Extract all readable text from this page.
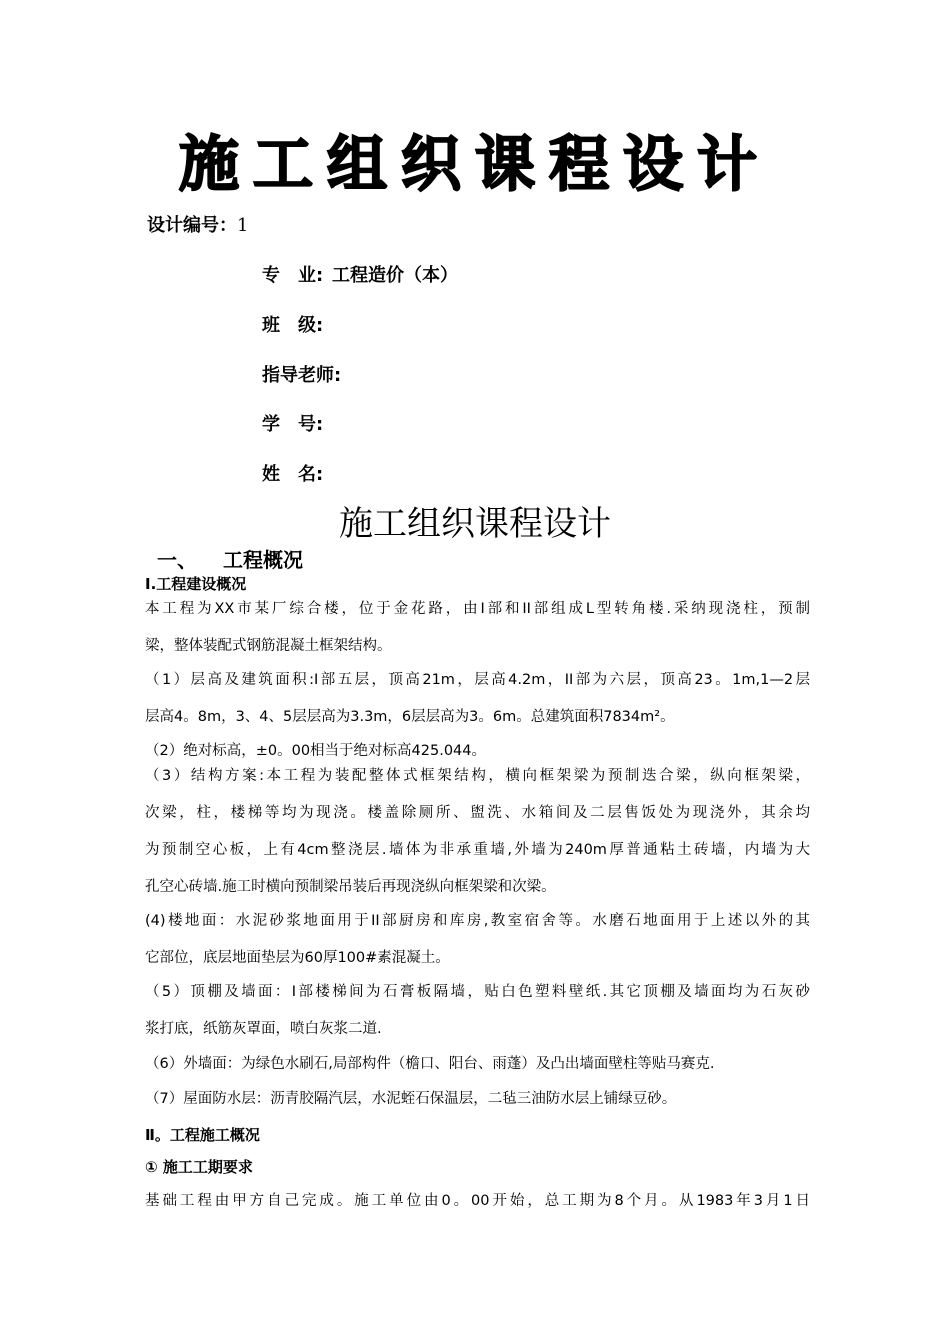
施工组织课程设计
设计编号：1
专　业: 工程造价（本）
班　级:
指导老师:
学　号:
姓　名:
施工组织课程设计
一、 工程概况
Ⅰ.工程建设概况
本工程为XX市某厂综合楼，位于金花路，由I部和II部组成L型转角楼.采纳现浇柱，预制
梁，整体装配式钢筋混凝土框架结构。
（1）层高及建筑面积:I部五层，顶高21m，层高4.2m，II部为六层，顶高23。1m,1—2层
层高4。8m，3、4、5层层高为3.3m，6层层高为3。6m。总建筑面积7834m²。
（2）绝对标高，±0。00相当于绝对标高425.044。
（3）结构方案:本工程为装配整体式框架结构，横向框架梁为预制迭合梁，纵向框架梁，
次梁，柱，楼梯等均为现浇。楼盖除厕所、盥洗、水箱间及二层售饭处为现浇外，其余均
为预制空心板，上有4cm整浇层.墙体为非承重墙,外墙为240m厚普通粘土砖墙，内墙为大
孔空心砖墙.施工时横向预制梁吊装后再现浇纵向框架梁和次梁。
(4)楼地面：水泥砂浆地面用于II部厨房和库房,教室宿舍等。水磨石地面用于上述以外的其
它部位，底层地面垫层为60厚100#素混凝土。
（5）顶棚及墙面：I部楼梯间为石膏板隔墙，贴白色塑料壁纸.其它顶棚及墙面均为石灰砂
浆打底，纸筋灰罩面，喷白灰浆二道.
（6）外墙面：为绿色水刷石,局部构件（檐口、阳台、雨蓬）及凸出墙面壁柱等贴马赛克.
（7）屋面防水层：沥青胶隔汽层，水泥蛭石保温层，二毡三油防水层上铺绿豆砂。
Ⅱ。工程施工概况
① 施工工期要求
基础工程由甲方自己完成。施工单位由0。00开始，总工期为8个月。从1983年3月1日
